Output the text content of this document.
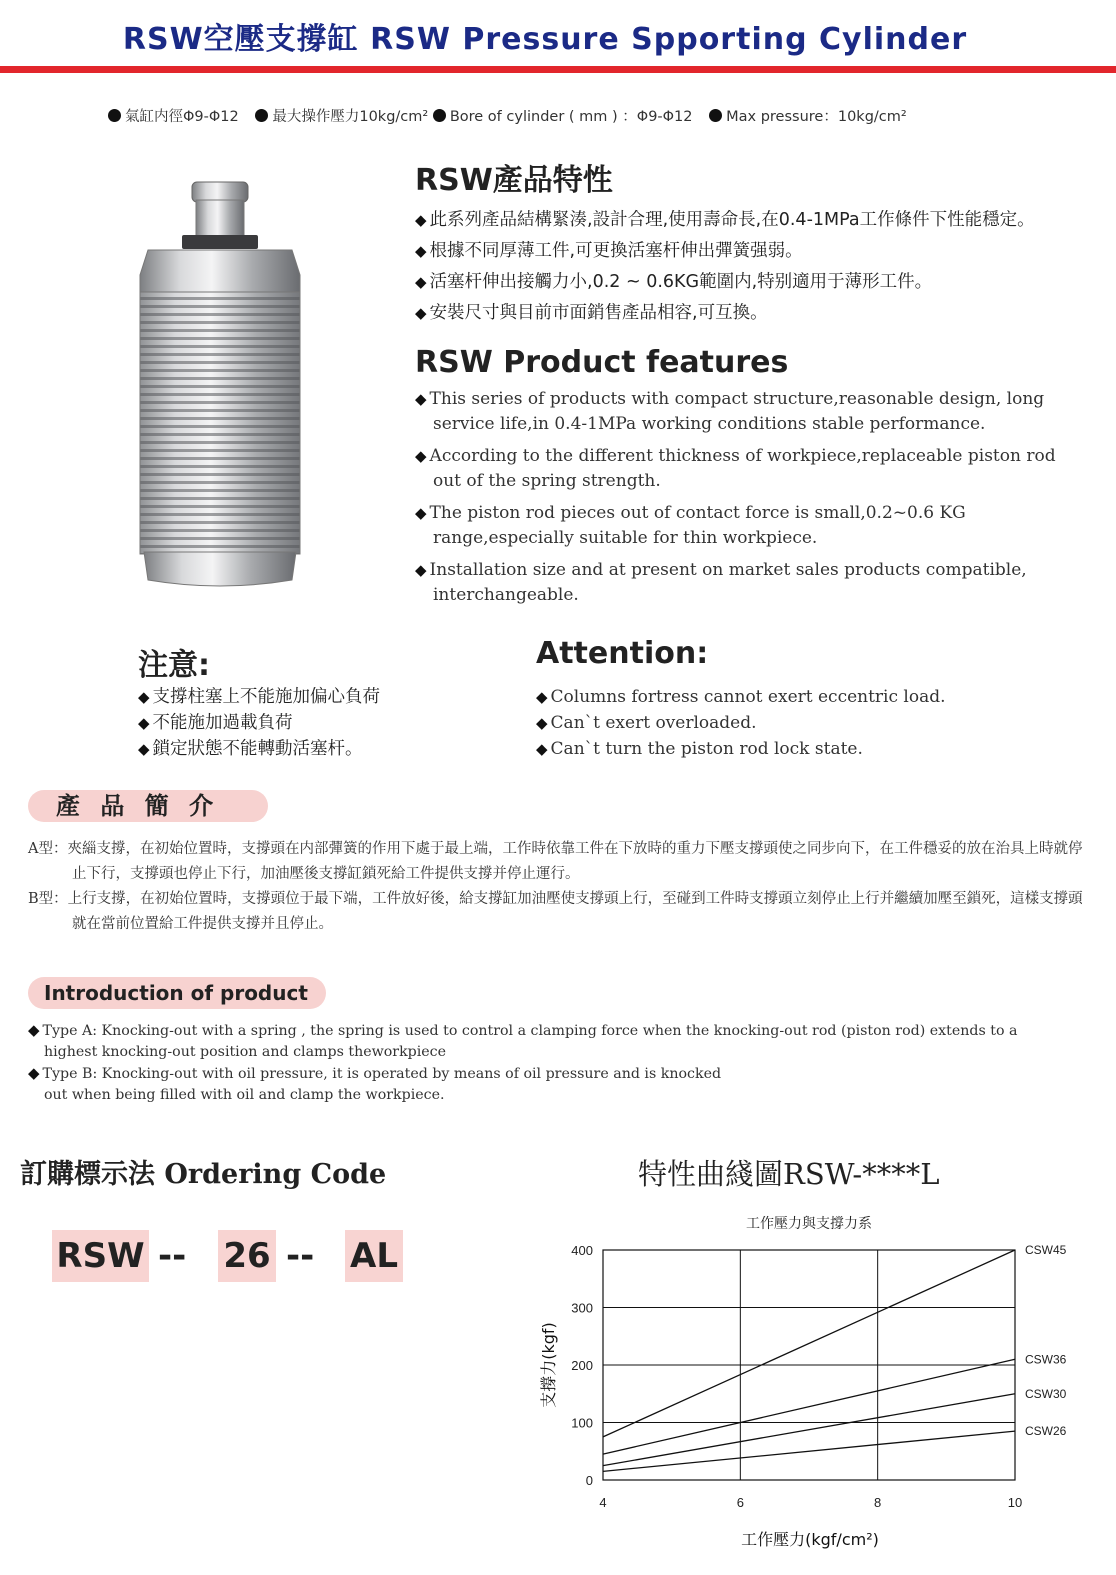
RSW空壓支撐缸 RSW Pressure Spporting Cylinder
氣缸内徑Φ9-Φ12 最大操作壓力10kg/cm² Bore of cylinder ( mm ) ：Φ9-Φ12 Max pressure：10kg/cm²
RSW產品特性
◆ 此系列產品結構緊湊,設計合理,使用壽命長,在0.4-1MPa工作條件下性能穩定。
◆ 根據不同厚薄工件,可更換活塞杆伸出彈簧强弱。
◆ 活塞杆伸出接觸力小,0.2 ~ 0.6KG範圍内,特别適用于薄形工件。
◆ 安裝尺寸與目前市面銷售產品相容,可互換。
RSW Product features
◆ This series of products with compact structure,reasonable design, long service life,in 0.4-1MPa working conditions stable performance.
◆ According to the different thickness of workpiece,replaceable piston rod out of the spring strength.
◆ The piston rod pieces out of contact force is small,0.2~0.6 KG range,especially suitable for thin workpiece.
◆ Installation size and at present on market sales products compatible, interchangeable.
注意:
◆ 支撐柱塞上不能施加偏心負荷
◆ 不能施加過載負荷
◆ 鎖定狀態不能轉動活塞杆。
Attention:
◆ Columns fortress cannot exert eccentric load.
◆ Can`t exert overloaded.
◆ Can`t turn the piston rod lock state.
產 品 簡 介
A型：夾緇支撐，在初始位置時，支撐頭在内部彈簧的作用下處于最上端，工作時依靠工件在下放時的重力下壓支撐頭使之同步向下，在工件穩妥的放在治具上時就停止下行，支撐頭也停止下行，加油壓後支撐缸鎖死給工件提供支撐并停止運行。
B型：上行支撐，在初始位置時，支撐頭位于最下端，工件放好後，給支撐缸加油壓使支撐頭上行，至碰到工件時支撐頭立刻停止上行并繼續加壓至鎖死，這樣支撐頭就在當前位置給工件提供支撐并且停止。
Introduction of product
◆ Type A: Knocking-out with a spring , the spring is used to control a clamping force when the knocking-out rod (piston rod) extends to a highest knocking-out position and clamps theworkpiece
◆ Type B: Knocking-out with oil pressure, it is operated by means of oil pressure and is knocked out when being filled with oil and clamp the workpiece.
訂購標示法 Ordering Code
RSW -- 26 -- AL
特性曲綫圖RSW-****L
工作壓力與支撐力系
4	6	8	10
0
100
200
300
400	CSW45
CSW36
CSW30
CSW26
工作壓力(kgf/cm²)
支撐力(kgf)
